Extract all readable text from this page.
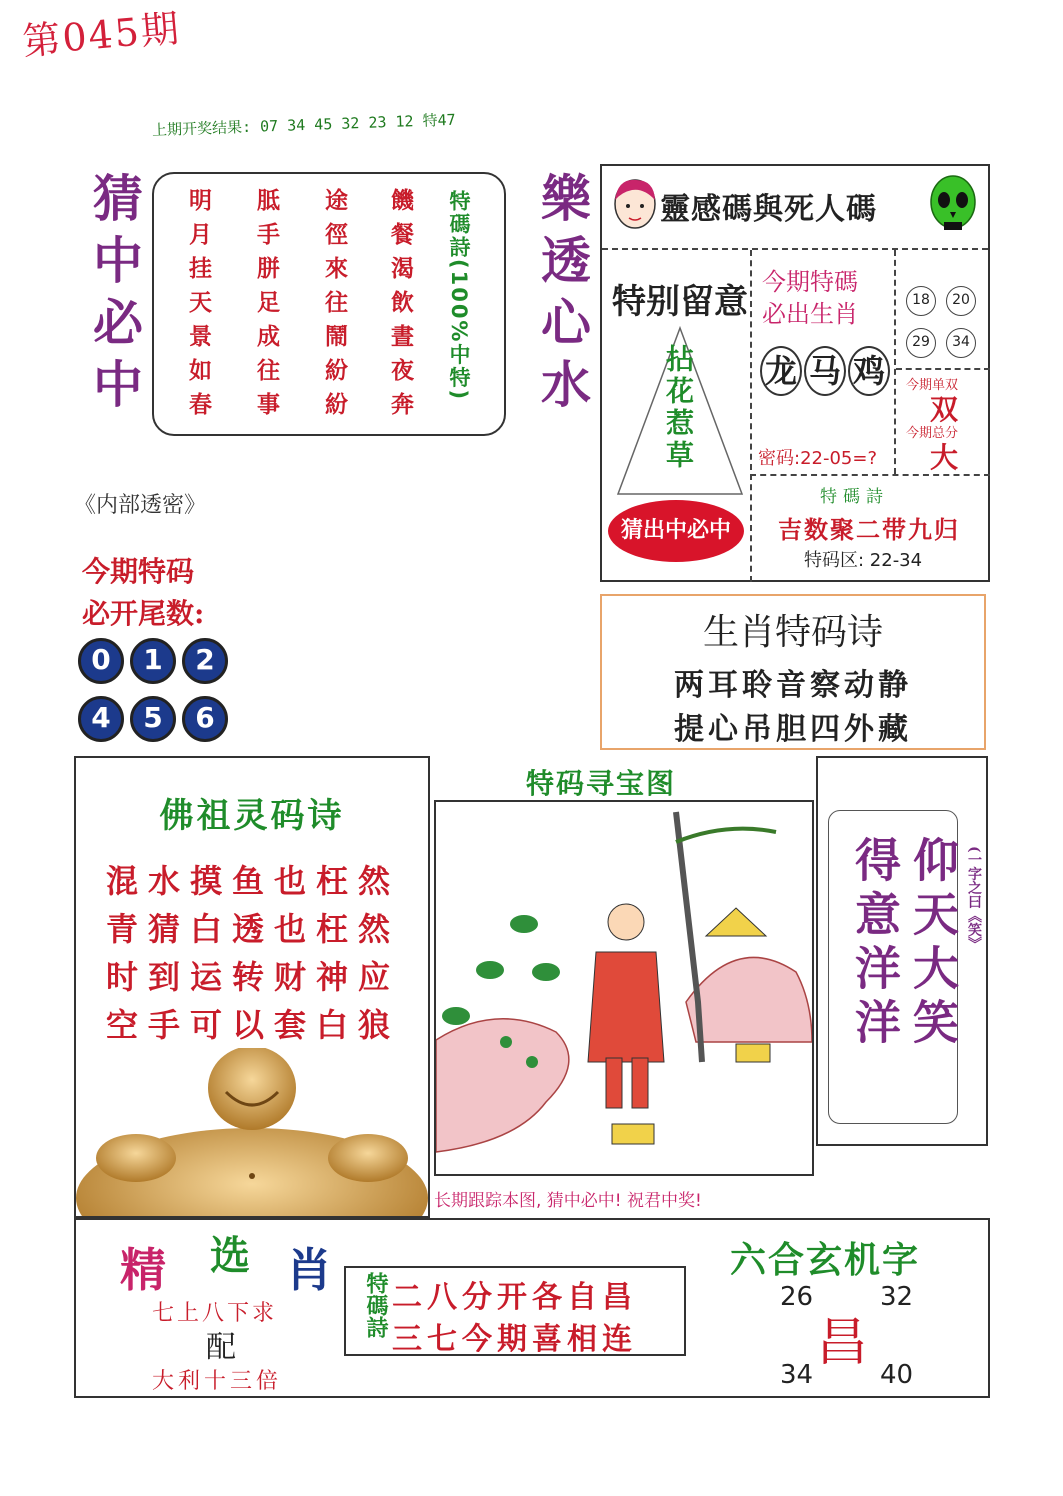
第045期
上期开奖结果: 07 34 45 32 23 12 特47
猜中必中 明月挂天景如春 胝手胼足成往事 途徑來往鬧紛紛 饑餐渴飲晝夜奔 特碼詩(100%中特) 樂透心水
《内部透密》
今期特码
必开尾数:
0	1	2
4	5	6
靈感碼與死人碼
特别留意
拈花惹草
猜出中必中
今期特碼
必出生肖
龙 马 鸡
密码:22-05=?
18	20
29	34
今期单双
双
今期总分
大
特碼詩
吉数聚二带九归
特码区: 22-34
生肖特码诗
两耳聆音察动静
提心吊胆四外藏
佛祖灵码诗
混水摸鱼也枉然
青猜白透也枉然
时到运转财神应
空手可以套白狼
特码寻宝图
长期跟踪本图, 猜中必中! 祝君中奖!
仰天大笑
得意洋洋	(一字之曰《笑》
精 选 肖
七上八下求
配
大利十三倍
特碼詩 二八分开各自昌
三七今期喜相连
六合玄机字
26	32
昌
34	40
